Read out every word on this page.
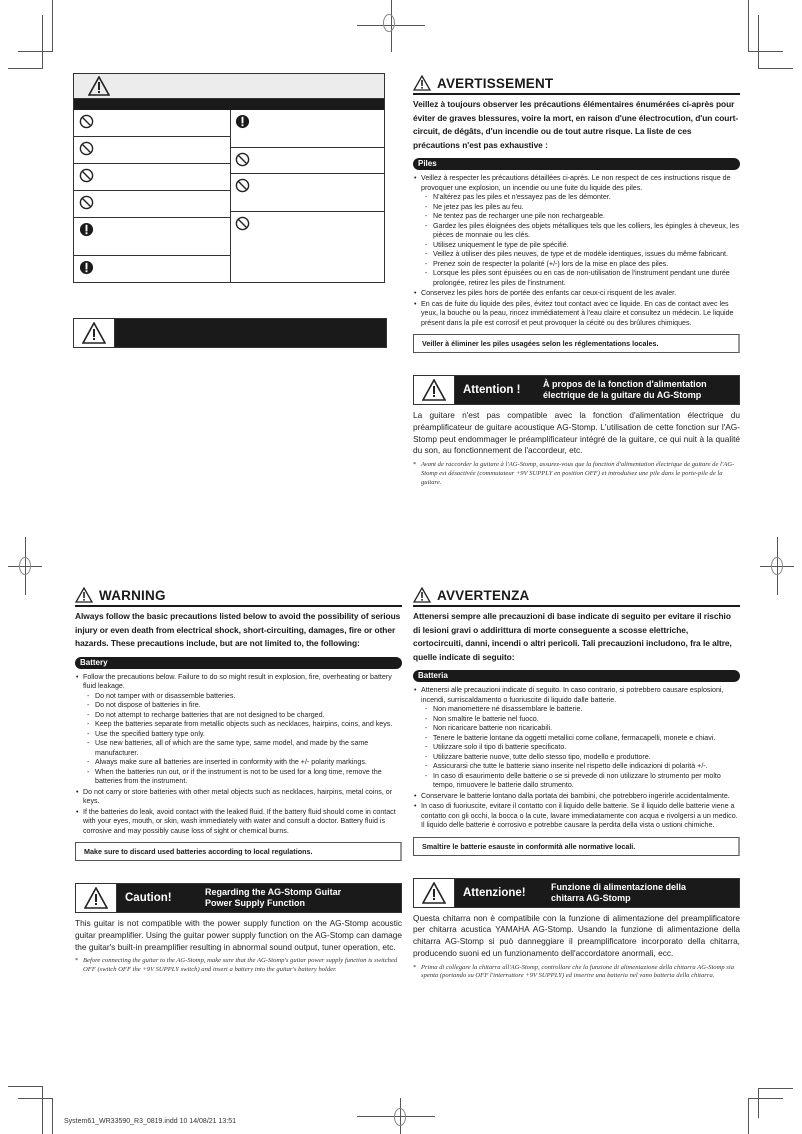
AVERTISSEMENT
Veillez à toujours observer les précautions élémentaires énumérées ci-après pour éviter de graves blessures, voire la mort, en raison d'une électrocution, d'un court-circuit, de dégâts, d'un incendie ou de tout autre risque. La liste de ces précautions n'est pas exhaustive :
Piles
• Veillez à respecter les précautions détaillées ci-après. Le non respect de ces instructions risque de provoquer une explosion, un incendie ou une fuite du liquide des piles.
- N'altérez pas les piles et n'essayez pas de les démonter.
- Ne jetez pas les piles au feu.
- Ne tentez pas de recharger une pile non rechargeable.
- Gardez les piles éloignées des objets métalliques tels que les colliers, les épingles à cheveux, les pièces de monnaie ou les clés.
- Utilisez uniquement le type de pile spécifié.
- Veillez à utiliser des piles neuves, de type et de modèle identiques, issues du même fabricant.
- Prenez soin de respecter la polarité (+/-) lors de la mise en place des piles.
- Lorsque les piles sont épuisées ou en cas de non-utilisation de l'instrument pendant une durée prolongée, retirez les piles de l'instrument.
• Conservez les piles hors de portée des enfants car ceux-ci risquent de les avaler.
• En cas de fuite du liquide des piles, évitez tout contact avec ce liquide. En cas de contact avec les yeux, la bouche ou la peau, rincez immédiatement à l'eau claire et consultez un médecin. Le liquide présent dans la pile est corrosif et peut provoquer la cécité ou des brûlures chimiques.
Veiller à éliminer les piles usagées selon les réglementations locales.
Attention !	À propos de la fonction d'alimentation
électrique de la guitare du AG-Stomp
La guitare n'est pas compatible avec la fonction d'alimentation électrique du préamplificateur de guitare acoustique AG-Stomp. L'utilisation de cette fonction sur l'AG-Stomp peut endommager le préamplificateur intégré de la guitare, ce qui nuit à la qualité du son, au fonctionnement de l'accordeur, etc.
* Avant de raccorder la guitare à l'AG-Stomp, assurez-vous que la fonction d'alimentation électrique de guitare de l'AG-Stomp est désactivée (commutateur +9V SUPPLY en position OFF) et introduisez une pile dans le porte-pile de la guitare.
WARNING
Always follow the basic precautions listed below to avoid the possibility of serious injury or even death from electrical shock, short-circuiting, damages, fire or other hazards. These precautions include, but are not limited to, the following:
Battery
• Follow the precautions below. Failure to do so might result in explosion, fire, overheating or battery fluid leakage.
- Do not tamper with or disassemble batteries.
- Do not dispose of batteries in fire.
- Do not attempt to recharge batteries that are not designed to be charged.
- Keep the batteries separate from metallic objects such as necklaces, hairpins, coins, and keys.
- Use the specified battery type only.
- Use new batteries, all of which are the same type, same model, and made by the same manufacturer.
- Always make sure all batteries are inserted in conformity with the +/- polarity markings.
- When the batteries run out, or if the instrument is not to be used for a long time, remove the batteries from the instrument.
• Do not carry or store batteries with other metal objects such as necklaces, hairpins, metal coins, or keys.
• If the batteries do leak, avoid contact with the leaked fluid. If the battery fluid should come in contact with your eyes, mouth, or skin, wash immediately with water and consult a doctor. Battery fluid is corrosive and may possibly cause loss of sight or chemical burns.
Make sure to discard used batteries according to local regulations.
Caution!	Regarding the AG-Stomp Guitar
Power Supply Function
This guitar is not compatible with the power supply function on the AG-Stomp acoustic guitar preamplifier. Using the guitar power supply function on the AG-Stomp can damage the guitar's built-in preamplifier resulting in abnormal sound output, tuner operation, etc.
* Before connecting the guitar to the AG-Stomp, make sure that the AG-Stomp's guitar power supply function is switched OFF (switch OFF the +9V SUPPLY switch) and insert a battery into the guitar's battery holder.
AVVERTENZA
Attenersi sempre alle precauzioni di base indicate di seguito per evitare il rischio di lesioni gravi o addirittura di morte conseguente a scosse elettriche, cortocircuiti, danni, incendi o altri pericoli. Tali precauzioni includono, fra le altre, quelle indicate di seguito:
Batteria
• Attenersi alle precauzioni indicate di seguito. In caso contrario, si potrebbero causare esplosioni, incendi, surriscaldamento o fuoriuscite di liquido dalle batterie.
- Non manomettere né disassemblare le batterie.
- Non smaltire le batterie nel fuoco.
- Non ricaricare batterie non ricaricabili.
- Tenere le batterie lontane da oggetti metallici come collane, fermacapelli, monete e chiavi.
- Utilizzare solo il tipo di batterie specificato.
- Utilizzare batterie nuove, tutte dello stesso tipo, modello e produttore.
- Assicurarsi che tutte le batterie siano inserite nel rispetto delle indicazioni di polarità +/-.
- In caso di esaurimento delle batterie o se si prevede di non utilizzare lo strumento per molto tempo, rimuovere le batterie dallo strumento.
• Conservare le batterie lontano dalla portata dei bambini, che potrebbero ingerirle accidentalmente.
• In caso di fuoriuscite, evitare il contatto con il liquido delle batterie. Se il liquido delle batterie viene a contatto con gli occhi, la bocca o la cute, lavare immediatamente con acqua e rivolgersi a un medico. Il liquido delle batterie è corrosivo e potrebbe causare la perdita della vista o ustioni chimiche.
Smaltire le batterie esauste in conformità alle normative locali.
Attenzione!	Funzione di alimentazione della
chitarra AG-Stomp
Questa chitarra non è compatibile con la funzione di alimentazione del preamplificatore per chitarra acustica YAMAHA AG-Stomp. Usando la funzione di alimentazione della chitarra AG-Stomp si può danneggiare il preamplificatore incorporato della chitarra, producendo suoni ed un funzionamento dell'accordatore anormali, ecc.
* Prima di collegare la chitarra all'AG-Stomp, controllare che la funzione di alimentazione della chitarra AG-Stomp sia spenta (portando su OFF l'interruttore +9V SUPPLY) ed inserire una batteria nel vano batteria della chitarra.
System61_WR33590_R3_0819.indd 10 14/08/21 13:51
